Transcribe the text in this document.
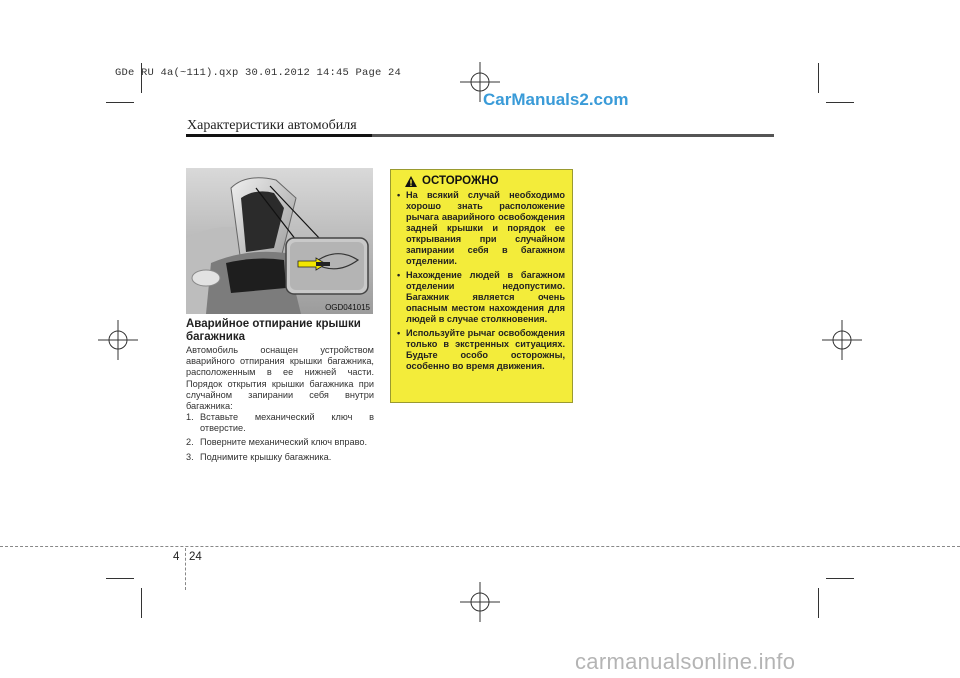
GDe RU 4a(~111).qxp 30.01.2012 14:45 Page 24
CarManuals2.com
Характеристики автомобиля
OGD041015
Аварийное отпирание крышки багажника
Автомобиль оснащен устройством аварийного отпирания крышки багажника, расположенным в ее нижней части. Порядок открытия крышки багажника при случайном запирании себя внутри багажника:
1. Вставьте механический ключ в отверстие.
2. Поверните механический ключ вправо.
3. Поднимите крышку багажника.
ОСТОРОЖНО
• На всякий случай необходимо хорошо знать расположение рычага аварийного освобождения задней крышки и порядок ее открывания при случайном запирании себя в багажном отделении.
• Нахождение людей в багажном отделении недопустимо. Багажник является очень опасным местом нахождения для людей в случае столкновения.
• Используйте рычаг освобождения только в экстренных ситуациях. Будьте особо осторожны, особенно во время движения.
4 24
carmanualsonline.info
